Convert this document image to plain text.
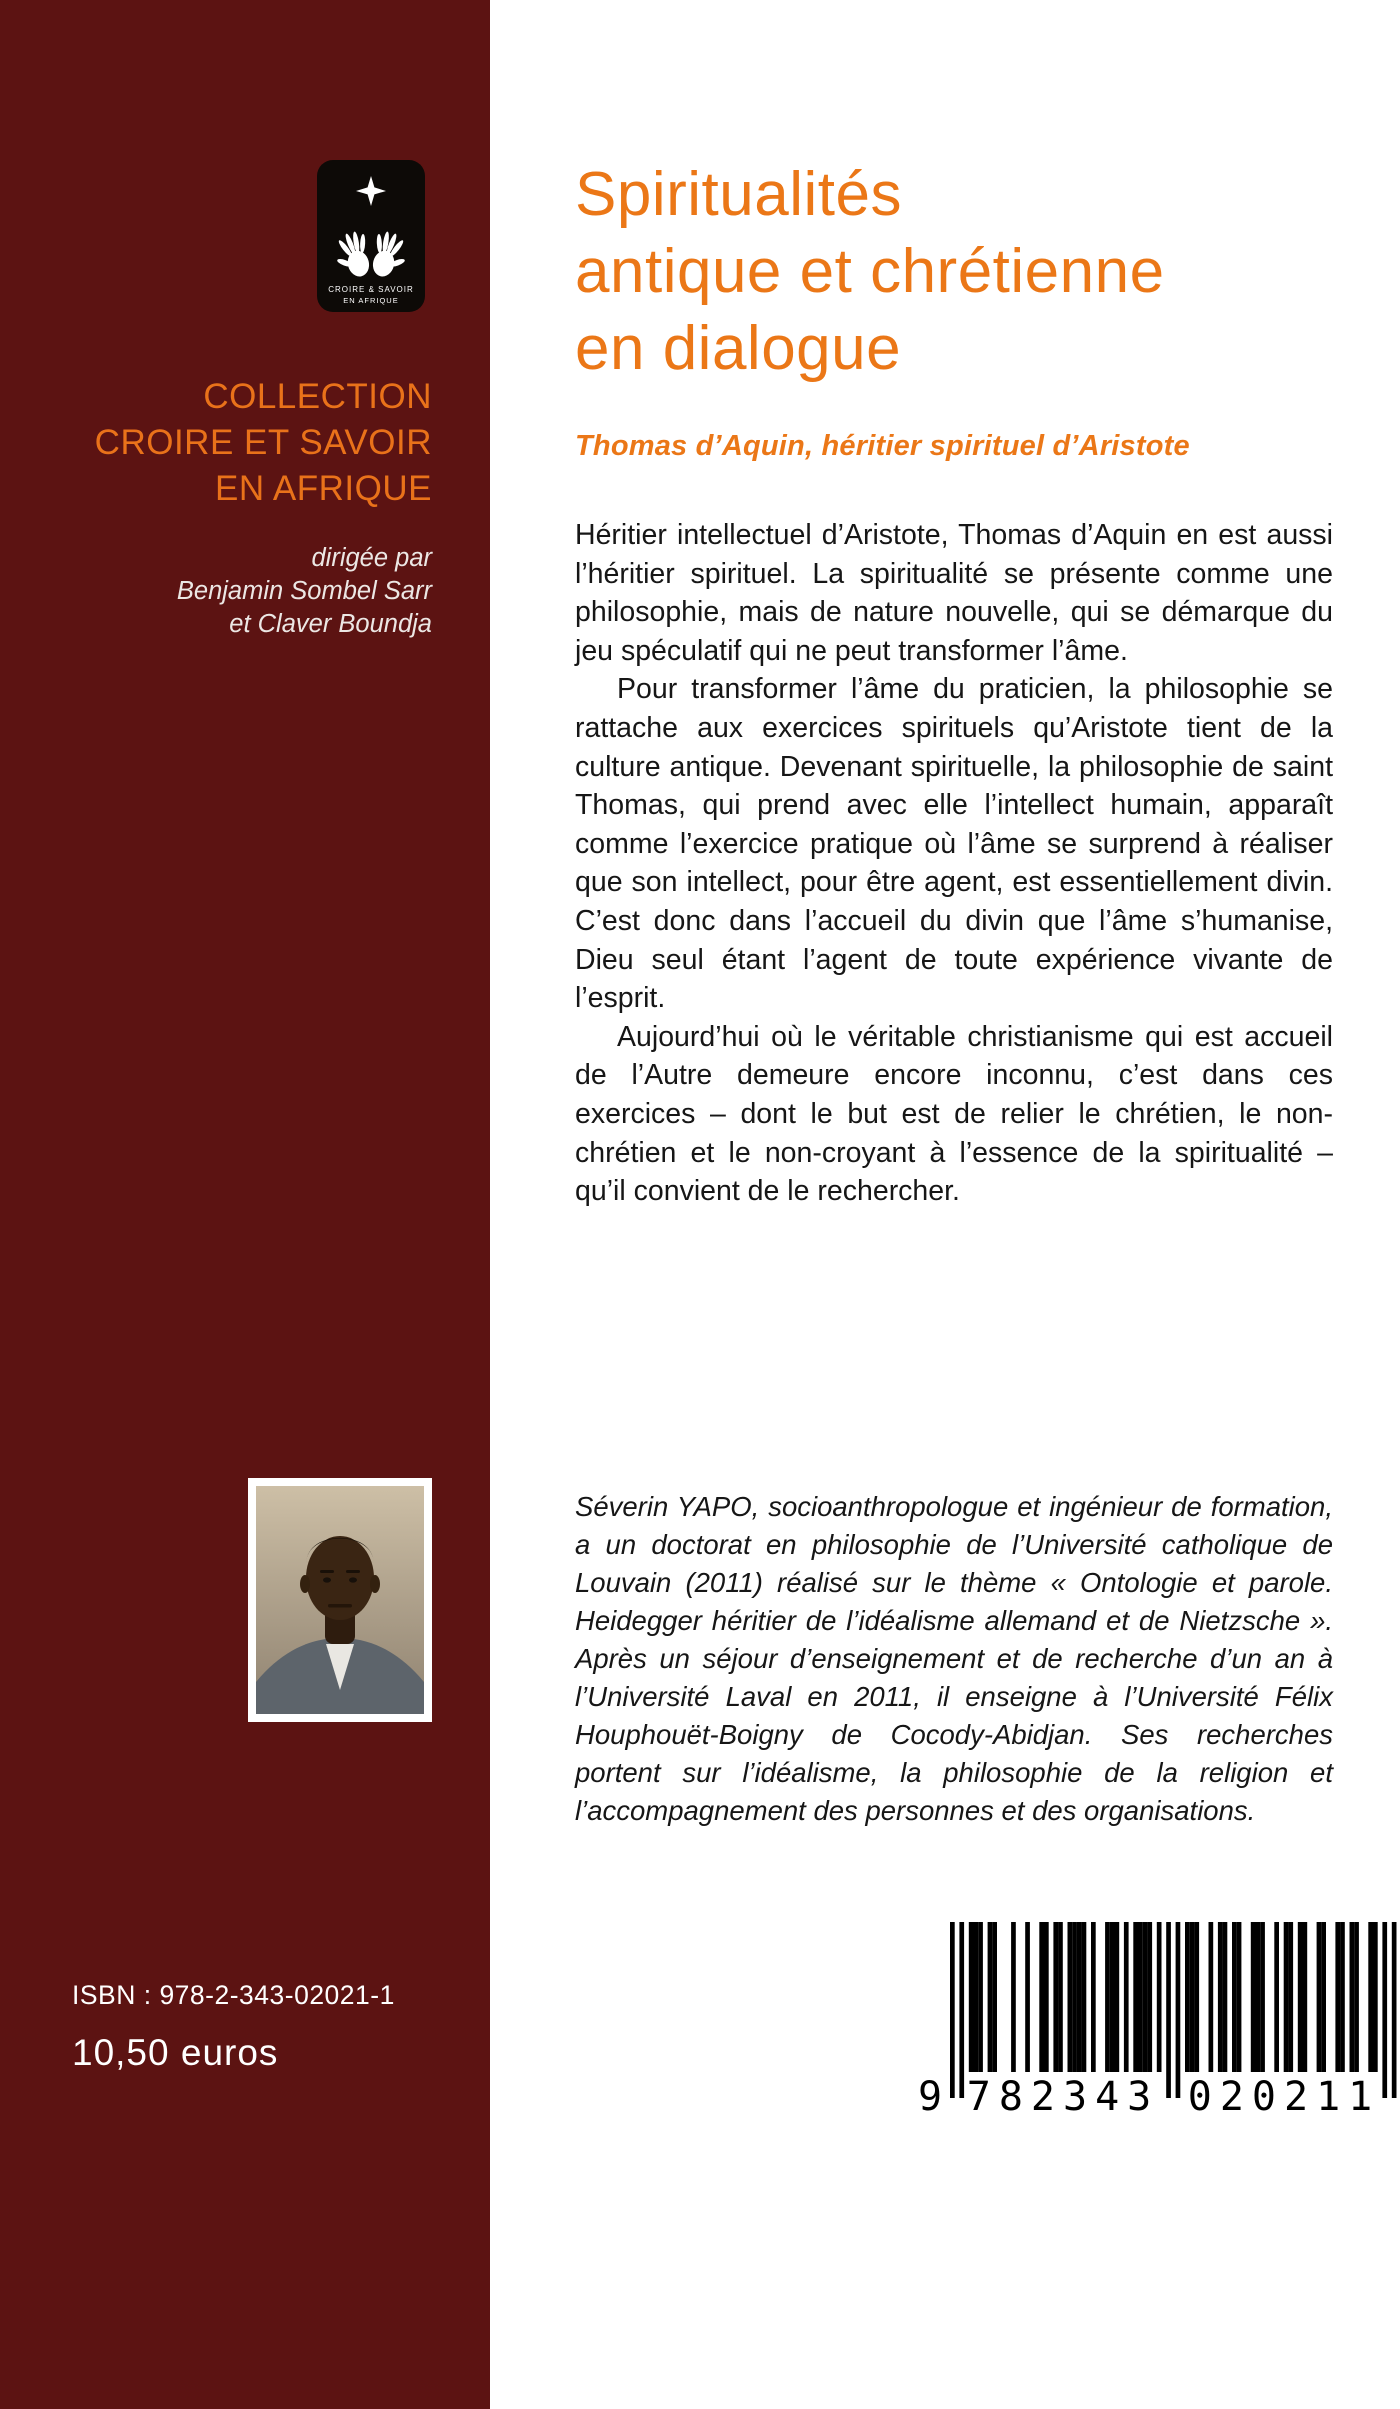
CROIRE & SAVOIR
EN AFRIQUE
COLLECTION
CROIRE ET SAVOIR
EN AFRIQUE
dirigée par
Benjamin Sombel Sarr
et Claver Boundja
ISBN : 978-2-343-02021-1
10,50 euros
Spiritualités
antique et chrétienne
en dialogue
Thomas d’Aquin, héritier spirituel d’Aristote

Héritier intellectuel d’Aristote, Thomas d’Aquin en est aussi l’héritier spirituel. La spiritualité se présente comme une philosophie, mais de nature nouvelle, qui se démarque du jeu spéculatif qui ne peut transformer l’âme.

Pour transformer l’âme du praticien, la philosophie se rattache aux exercices spirituels qu’Aristote tient de la culture antique. Devenant spirituelle, la philosophie de saint Thomas, qui prend avec elle l’intellect humain, apparaît comme l’exercice pratique où l’âme se surprend à réaliser que son intellect, pour être agent, est essentiellement divin. C’est donc dans l’accueil du divin que l’âme s’humanise, Dieu seul étant l’agent de toute expérience vivante de l’esprit.

Aujourd’hui où le véritable christianisme qui est accueil de l’Autre demeure encore inconnu, c’est dans ces exercices – dont le but est de relier le chrétien, le non-chrétien et le non-croyant à l’essence de la spiritualité – qu’il convient de le rechercher.

Séverin YAPO, socioanthropologue et ingénieur de formation, a un doctorat en philosophie de l’Université catholique de Louvain (2011) réalisé sur le thème « Ontologie et parole. Heidegger héritier de l’idéalisme allemand et de Nietzsche ». Après un séjour d’enseignement et de recherche d’un an à l’Université Laval en 2011, il enseigne à l’Université Félix Houphouët-Boigny de Cocody-Abidjan. Ses recherches portent sur l’idéalisme, la philosophie de la religion et l’accompagnement des personnes et des organisations.
9 782343 020211
